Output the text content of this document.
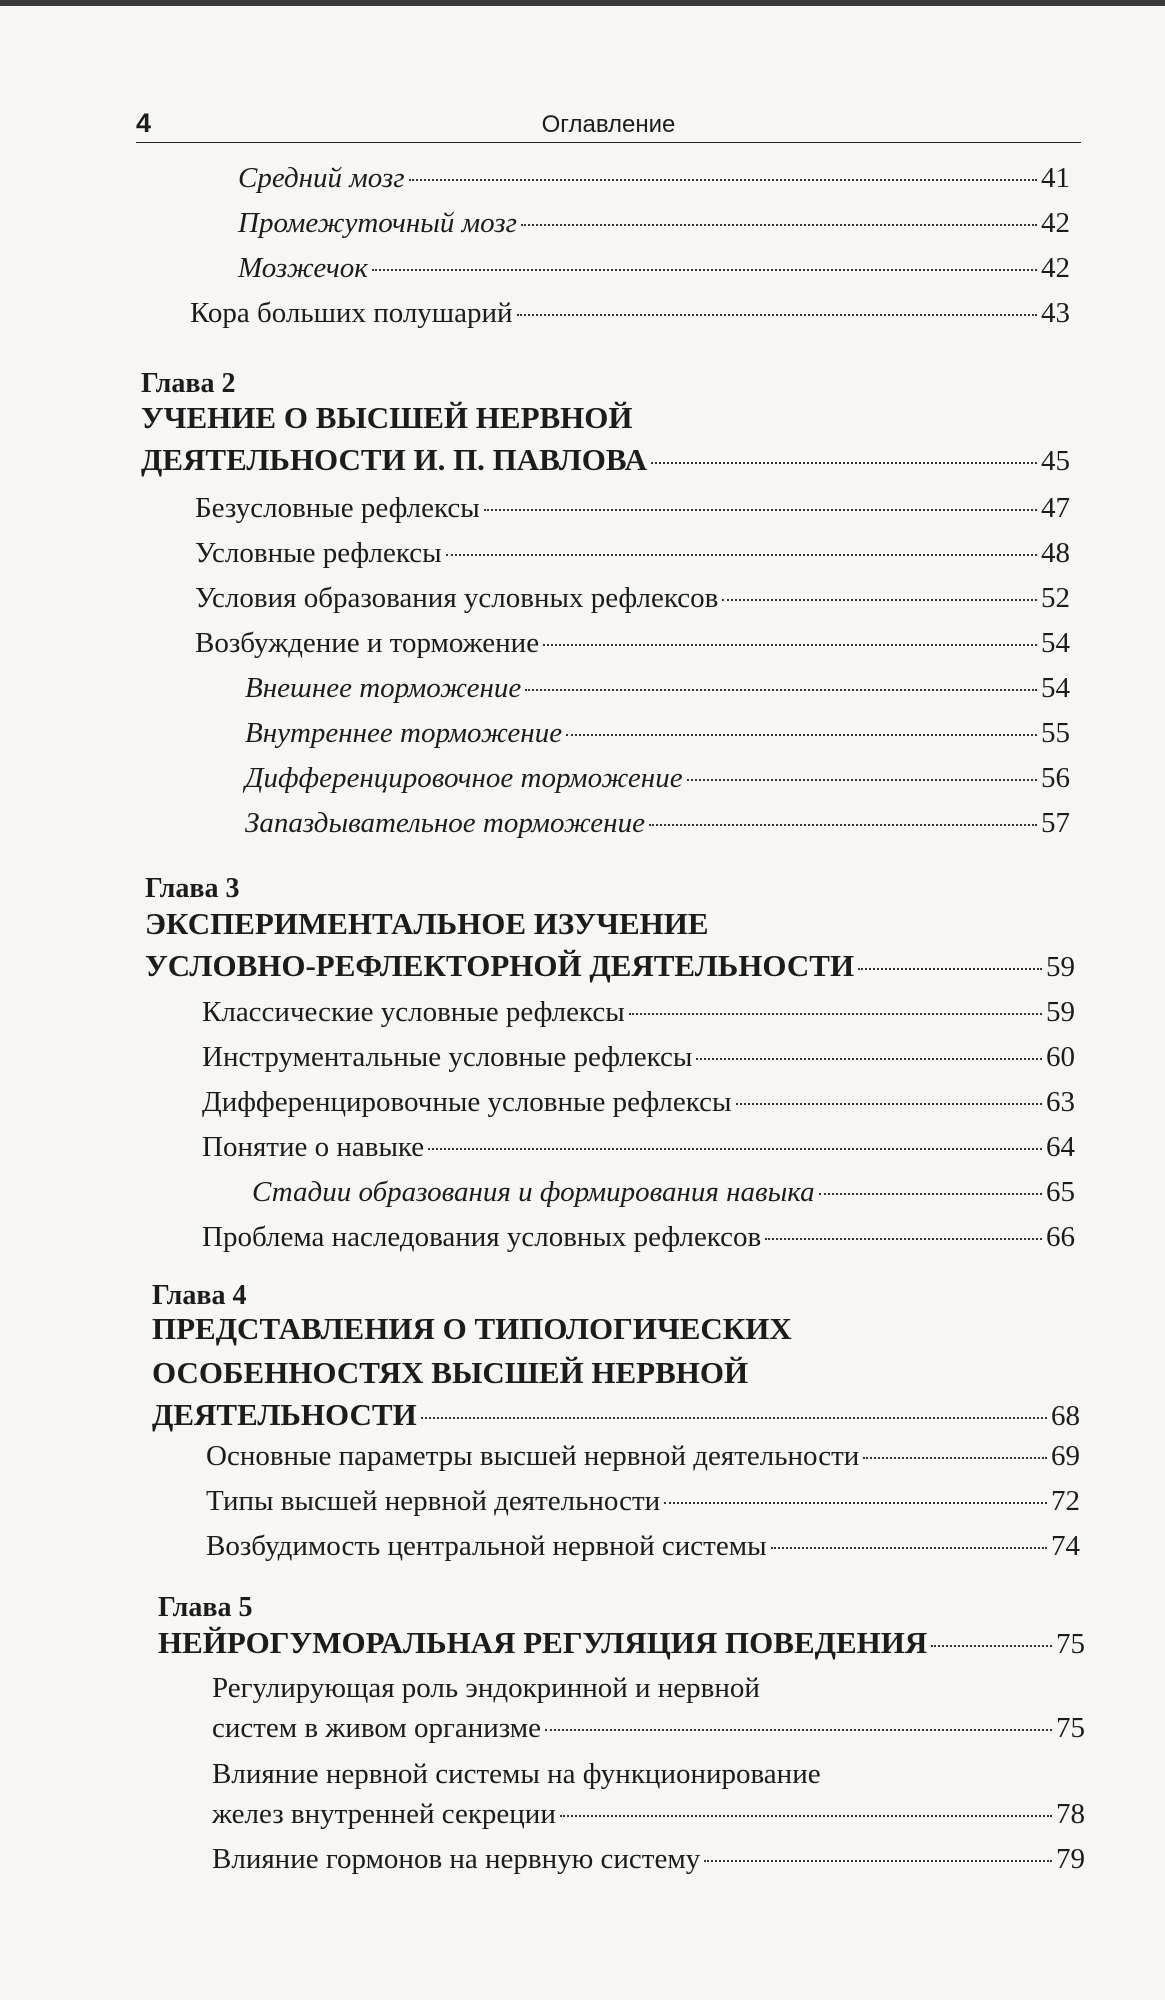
4	Оглавление
Средний мозг	41
Промежуточный мозг	42
Мозжечок	42
Кора больших полушарий	43
Глава 2
УЧЕНИЕ О ВЫСШЕЙ НЕРВНОЙ
ДЕЯТЕЛЬНОСТИ И. П. ПАВЛОВА	45
Безусловные рефлексы	47
Условные рефлексы	48
Условия образования условных рефлексов	52
Возбуждение и торможение	54
Внешнее торможение	54
Внутреннее торможение	55
Дифференцировочное торможение	56
Запаздывательное торможение	57
Глава 3
ЭКСПЕРИМЕНТАЛЬНОЕ ИЗУЧЕНИЕ
УСЛОВНО-РЕФЛЕКТОРНОЙ ДЕЯТЕЛЬНОСТИ	59
Классические условные рефлексы	59
Инструментальные условные рефлексы	60
Дифференцировочные условные рефлексы	63
Понятие о навыке	64
Стадии образования и формирования навыка	65
Проблема наследования условных рефлексов	66
Глава 4
ПРЕДСТАВЛЕНИЯ О ТИПОЛОГИЧЕСКИХ
ОСОБЕННОСТЯХ ВЫСШЕЙ НЕРВНОЙ
ДЕЯТЕЛЬНОСТИ	68
Основные параметры высшей нервной деятельности	69
Типы высшей нервной деятельности	72
Возбудимость центральной нервной системы	74
Глава 5
НЕЙРОГУМОРАЛЬНАЯ РЕГУЛЯЦИЯ ПОВЕДЕНИЯ	75
Регулирующая роль эндокринной и нервной
систем в живом организме	75
Влияние нервной системы на функционирование
желез внутренней секреции	78
Влияние гормонов на нервную систему	79
